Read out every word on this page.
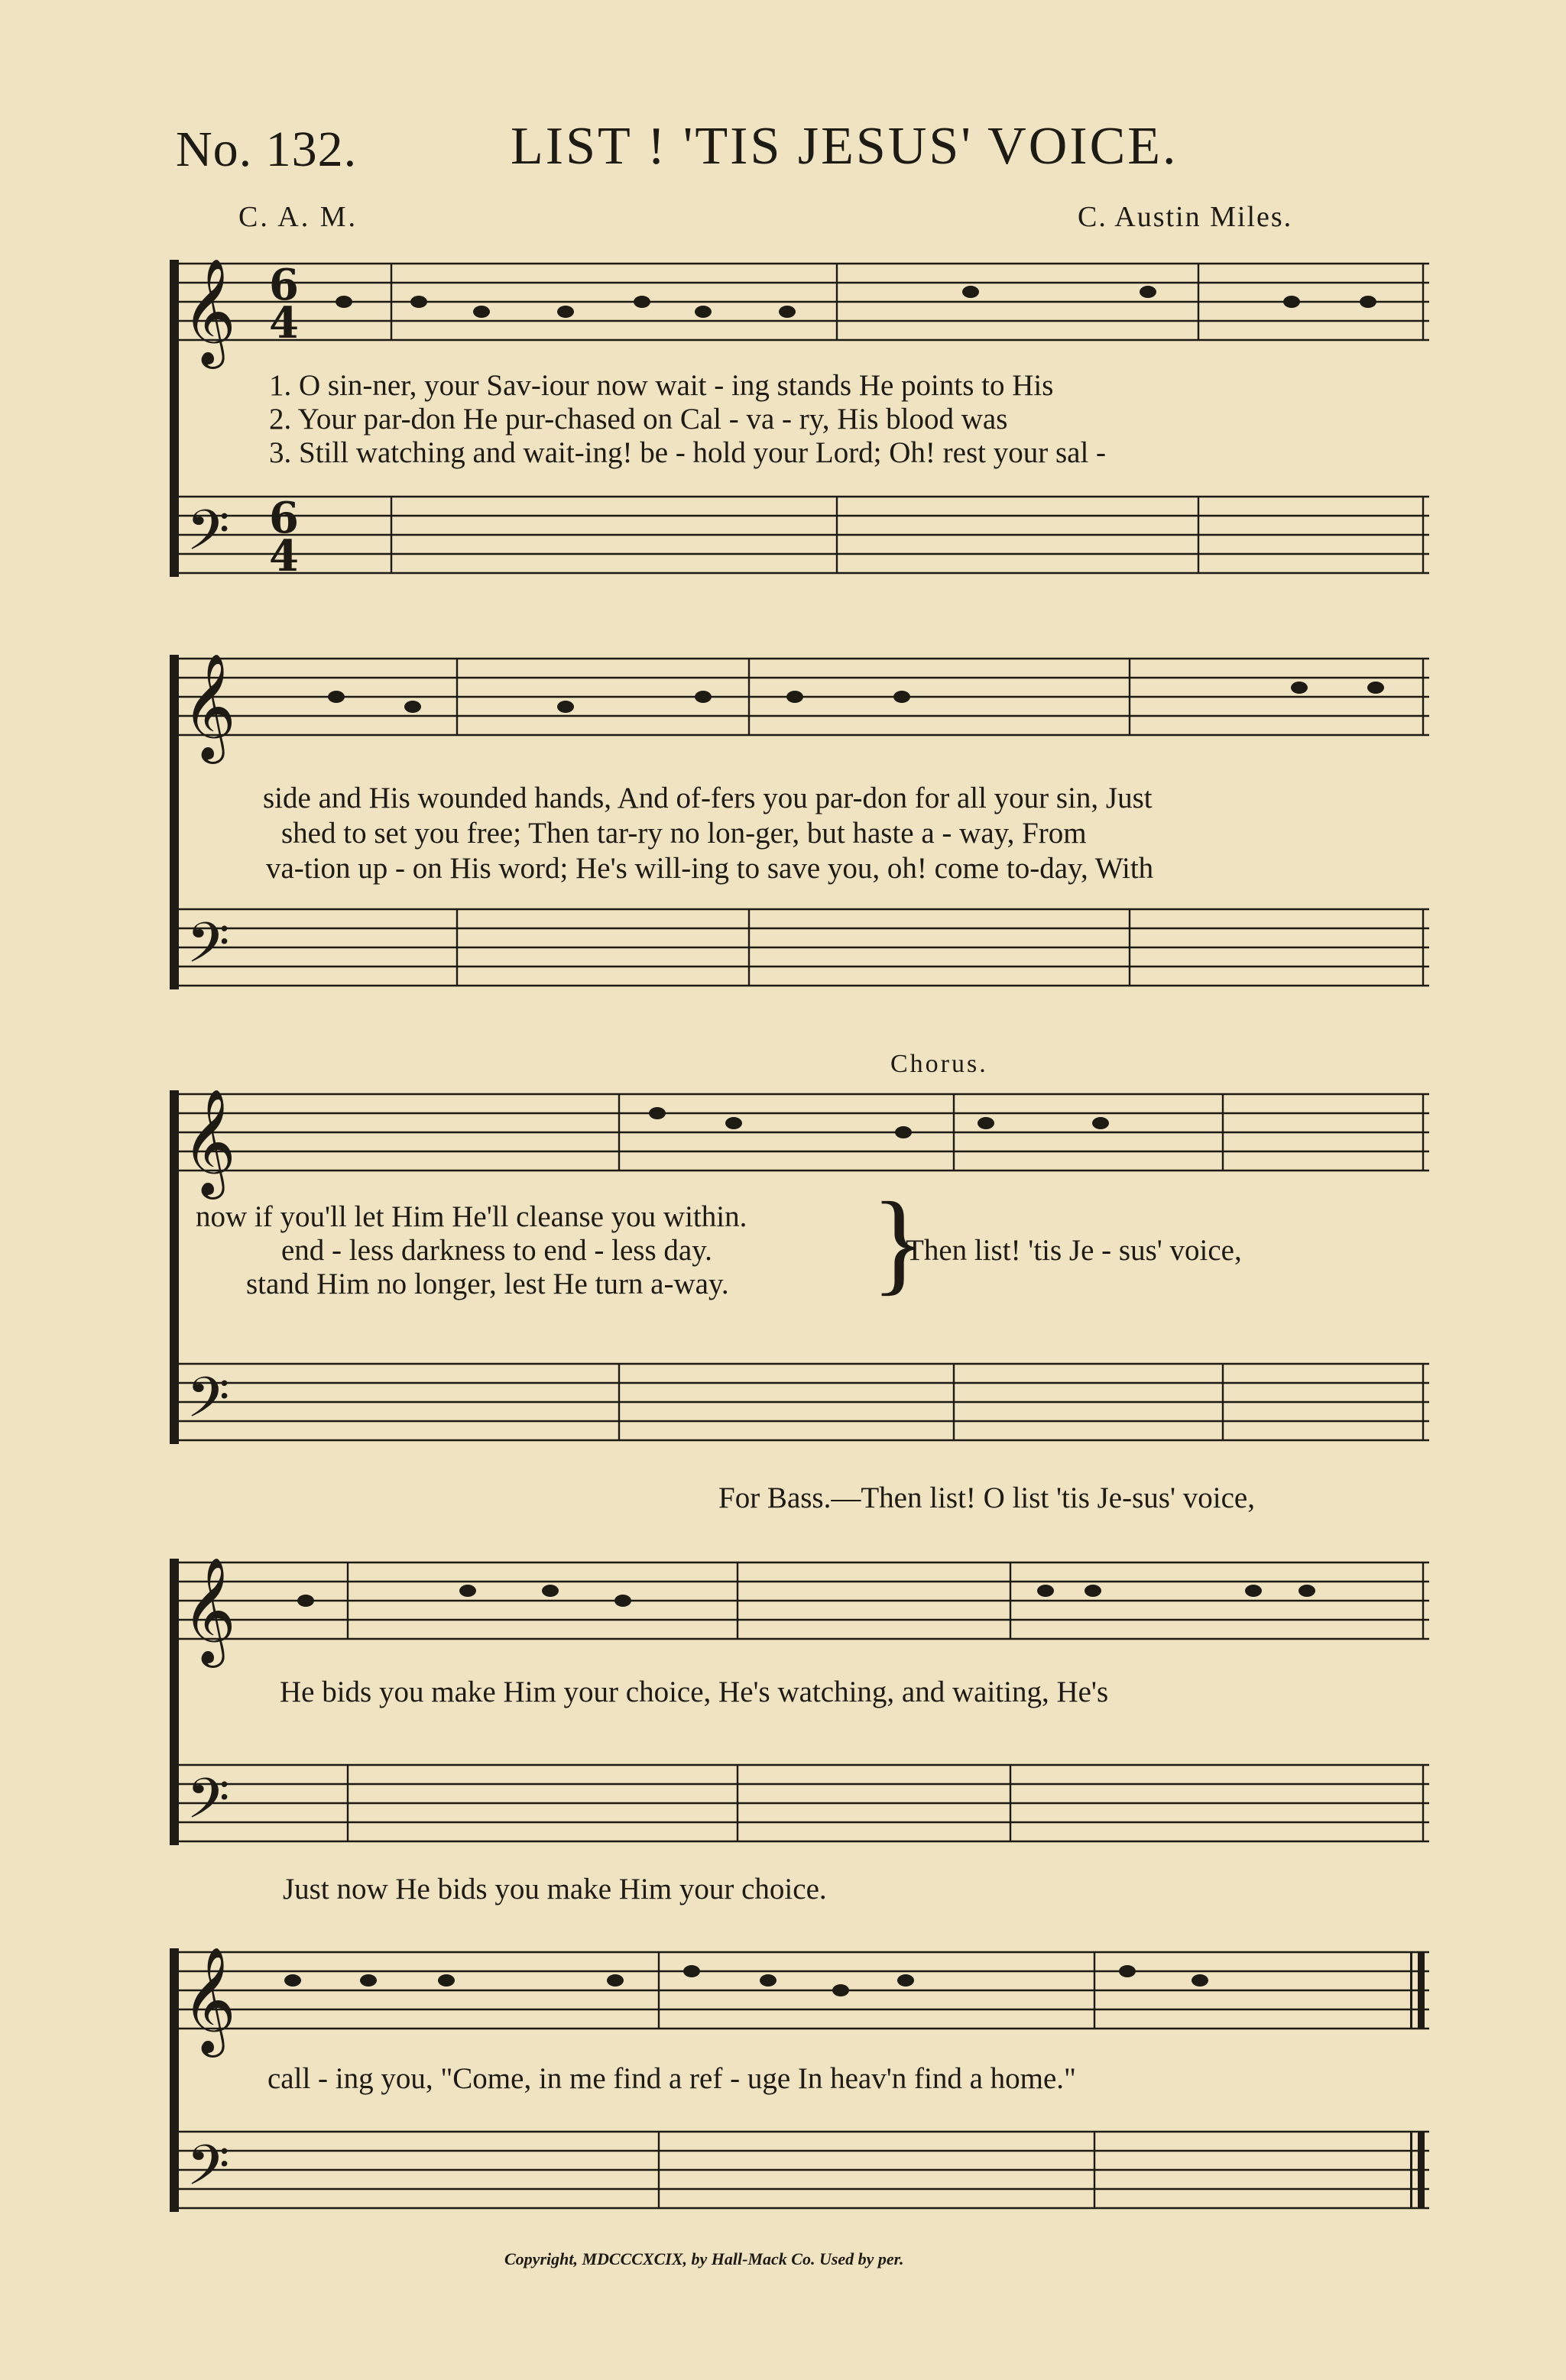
No. 132.	LIST ! 'TIS JESUS' VOICE.
C. A. M.	C. Austin Miles.
𝄞
𝄞
𝄞
𝄞
𝄞
𝄢
𝄢
𝄢
𝄢
𝄢
6
4
6
4
1. O sin-ner, your Sav-iour now wait - ing stands He points to His
2. Your par-don He pur-chased on Cal - va - ry, His blood was
3. Still watching and wait-ing! be - hold your Lord; Oh! rest your sal -
side and His wounded hands, And of-fers you par-don for all your sin, Just
shed to set you free; Then tar-ry no lon-ger, but haste a - way, From
va-tion up - on His word; He's will-ing to save you, oh! come to-day, With
Chorus.
now if you'll let Him He'll cleanse you within.
end - less darkness to end - less day.
stand Him no longer, lest He turn a-way. }
Then list! 'tis Je - sus' voice,
For Bass.—Then list! O list 'tis Je-sus' voice,
He bids you make Him your choice, He's watching, and waiting, He's
Just now He bids you make Him your choice.
call - ing you, "Come, in me find a ref - uge In heav'n find a home."
Copyright, MDCCCXCIX, by Hall-Mack Co. Used by per.
